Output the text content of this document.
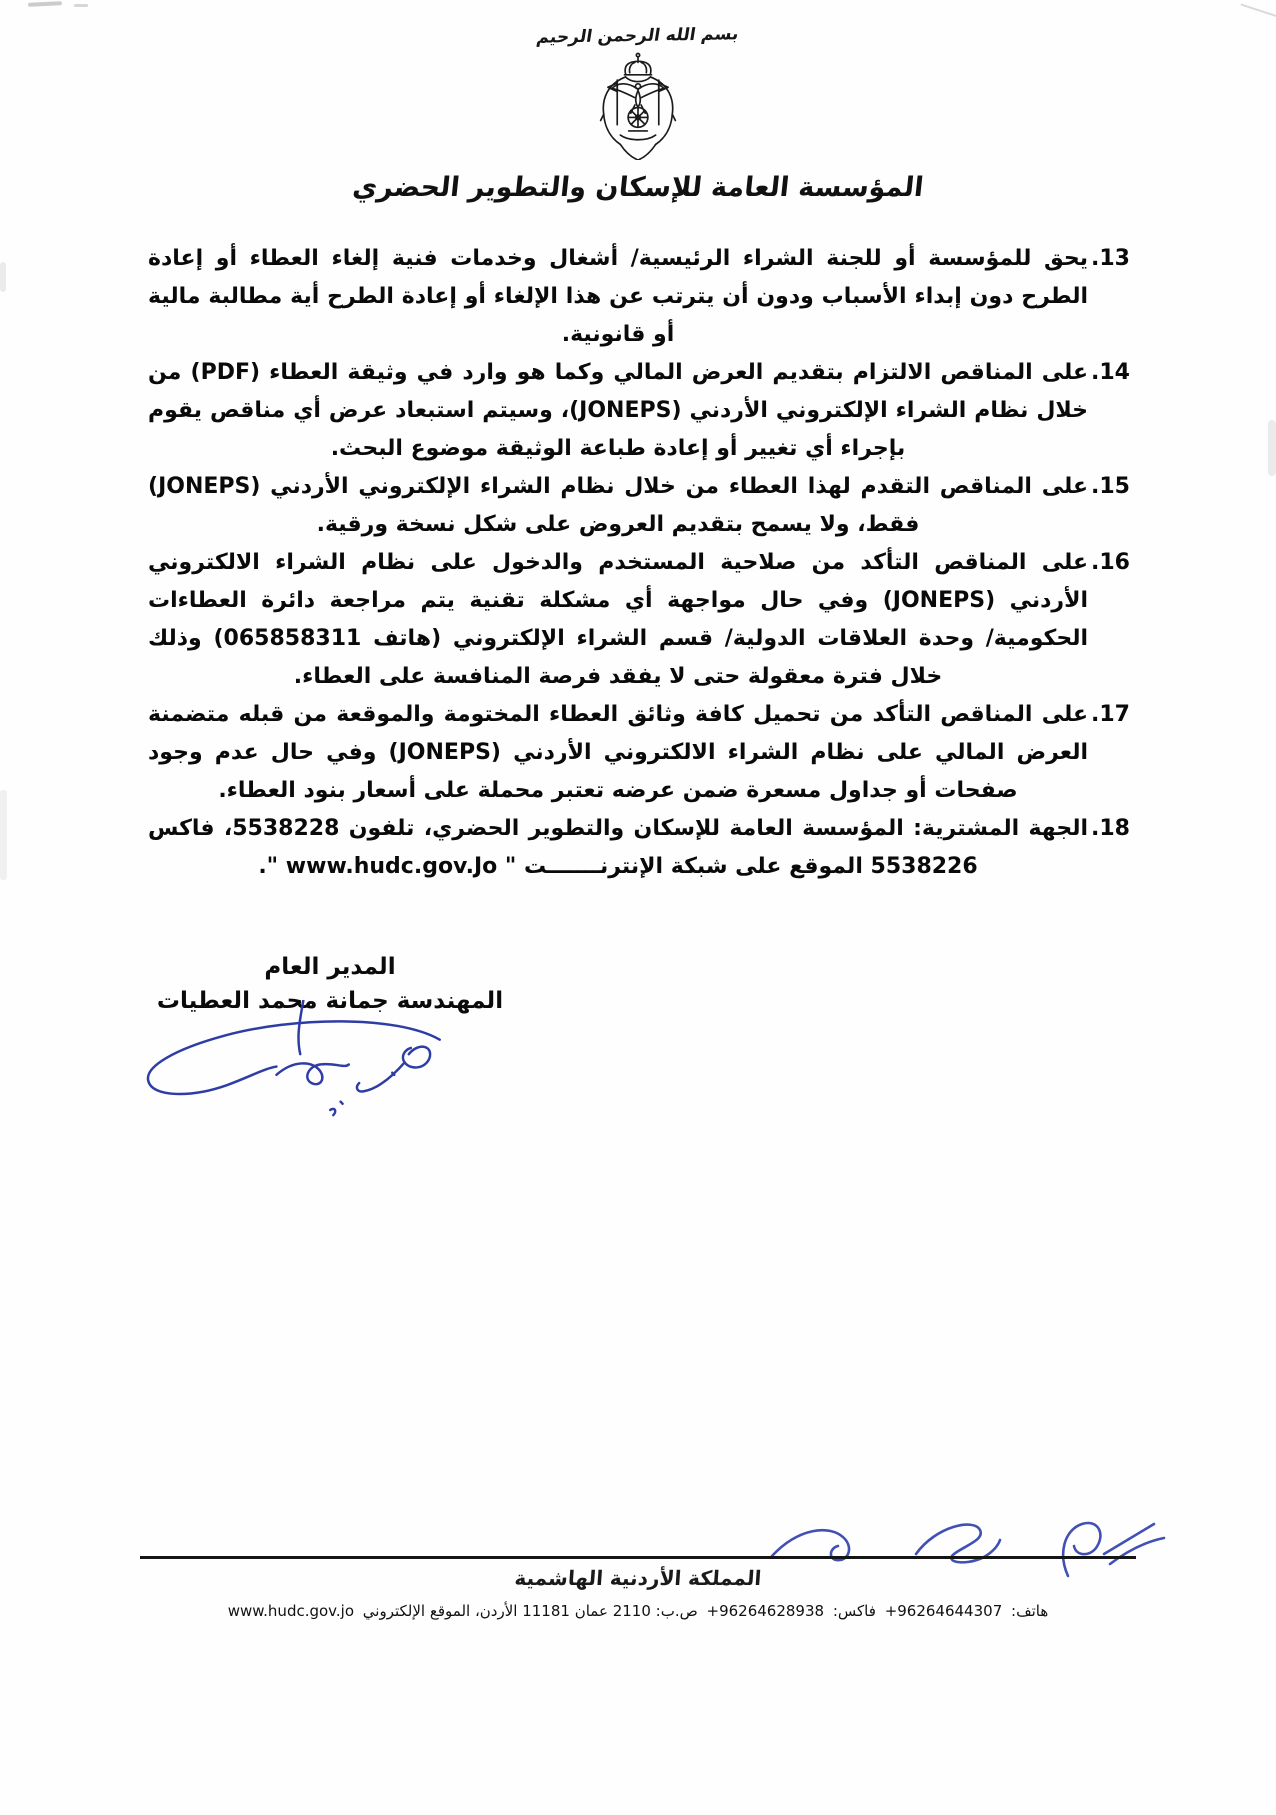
بسم الله الرحمن الرحيم
المؤسسة العامة للإسكان والتطوير الحضري
13.
يحق للمؤسسة أو للجنة الشراء الرئيسية/ أشغال وخدمات فنية إلغاء العطاء أو إعادة الطرح دون إبداء الأسباب ودون أن يترتب عن هذا الإلغاء أو إعادة الطرح أية مطالبة مالية أو قانونية.
14.
على المناقص الالتزام بتقديم العرض المالي وكما هو وارد في وثيقة العطاء (PDF) من خلال نظام الشراء الإلكتروني الأردني (JONEPS)، وسيتم استبعاد عرض أي مناقص يقوم بإجراء أي تغيير أو إعادة طباعة الوثيقة موضوع البحث.
15.
على المناقص التقدم لهذا العطاء من خلال نظام الشراء الإلكتروني الأردني (JONEPS) فقط، ولا يسمح بتقديم العروض على شكل نسخة ورقية.
16.
على المناقص التأكد من صلاحية المستخدم والدخول على نظام الشراء الالكتروني الأردني (JONEPS) وفي حال مواجهة أي مشكلة تقنية يتم مراجعة دائرة العطاءات الحكومية/ وحدة العلاقات الدولية/ قسم الشراء الإلكتروني (هاتف 065858311) وذلك خلال فترة معقولة حتى لا يفقد فرصة المنافسة على العطاء.
17.
على المناقص التأكد من تحميل كافة وثائق العطاء المختومة والموقعة من قبله متضمنة العرض المالي على نظام الشراء الالكتروني الأردني (JONEPS) وفي حال عدم وجود صفحات أو جداول مسعرة ضمن عرضه تعتبر محملة على أسعار بنود العطاء.
18.
الجهة المشترية: المؤسسة العامة للإسكان والتطوير الحضري، تلفون 5538228، فاكس 5538226 الموقع على شبكة الإنترنـــــــت " www.hudc.gov.Jo ".
المدير العام
المهندسة جمانة محمد العطيات
المملكة الأردنية الهاشمية
هاتف: +96264644307 فاكس: +96264628938 ص.ب: 2110 عمان 11181 الأردن، الموقع الإلكتروني www.hudc.gov.jo
